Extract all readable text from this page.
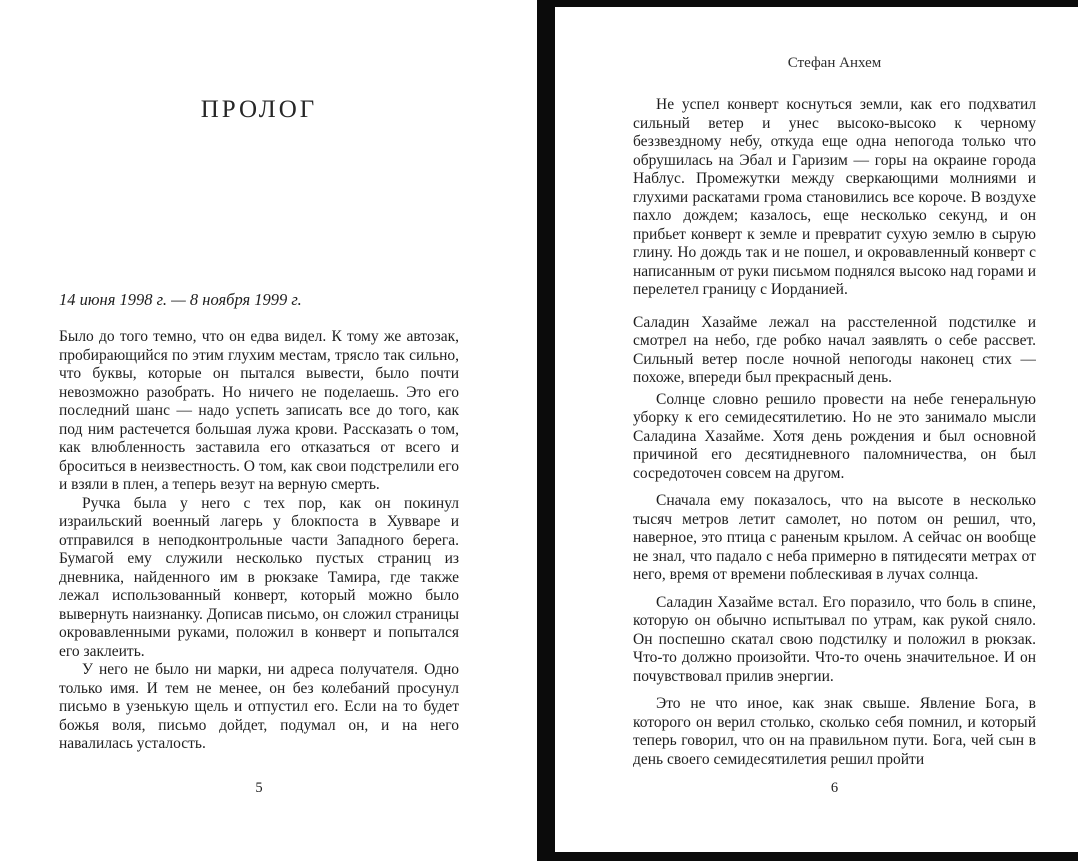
ПРОЛОГ
14 июня 1998 г. — 8 ноября 1999 г.

Было до того темно, что он едва видел. К тому же автозак, пробирающийся по этим глухим местам, трясло так сильно, что буквы, которые он пытался вывести, было почти невозможно разобрать. Но ничего не поделаешь. Это его последний шанс — надо успеть записать все до того, как под ним растечется большая лужа крови. Рассказать о том, как влюбленность заставила его отказаться от всего и броситься в неизвестность. О том, как свои подстрелили его и взяли в плен, а теперь везут на верную смерть.

Ручка была у него с тех пор, как он покинул израильский военный лагерь у блокпоста в Хувваре и отправился в неподконтрольные части Западного берега. Бумагой ему служили несколько пустых страниц из дневника, найденного им в рюкзаке Тамира, где также лежал использованный конверт, который можно было вывернуть наизнанку. Дописав письмо, он сложил страницы окровавленными руками, положил в конверт и попытался его заклеить.

У него не было ни марки, ни адреса получателя. Одно только имя. И тем не менее, он без колебаний просунул письмо в узенькую щель и отпустил его. Если на то будет божья воля, письмо дойдет, подумал он, и на него навалилась усталость.

5
Стефан Анхем

Не успел конверт коснуться земли, как его подхватил сильный ветер и унес высоко-высоко к черному беззвездному небу, откуда еще одна непогода только что обрушилась на Эбал и Гаризим — горы на окраине города Наблус. Промежутки между сверкающими молниями и глухими раскатами грома становились все короче. В воздухе пахло дождем; казалось, еще несколько секунд, и он прибьет конверт к земле и превратит сухую землю в сырую глину. Но дождь так и не пошел, и окровавленный конверт с написанным от руки письмом поднялся высоко над горами и перелетел границу с Иорданией.

Саладин Хазайме лежал на расстеленной подстилке и смотрел на небо, где робко начал заявлять о себе рассвет. Сильный ветер после ночной непогоды наконец стих — похоже, впереди был прекрасный день.

Солнце словно решило провести на небе генеральную уборку к его семидесятилетию. Но не это занимало мысли Саладина Хазайме. Хотя день рождения и был основной причиной его десятидневного паломничества, он был сосредоточен совсем на другом.

Сначала ему показалось, что на высоте в несколько тысяч метров летит самолет, но потом он решил, что, наверное, это птица с раненым крылом. А сейчас он вообще не знал, что падало с неба примерно в пятидесяти метрах от него, время от времени поблескивая в лучах солнца.

Саладин Хазайме встал. Его поразило, что боль в спине, которую он обычно испытывал по утрам, как рукой сняло. Он поспешно скатал свою подстилку и положил в рюкзак. Что-то должно произойти. Что-то очень значительное. И он почувствовал прилив энергии.

Это не что иное, как знак свыше. Явление Бога, в которого он верил столько, сколько себя помнил, и который теперь говорил, что он на правильном пути. Бога, чей сын в день своего семидесятилетия решил пройти

6
